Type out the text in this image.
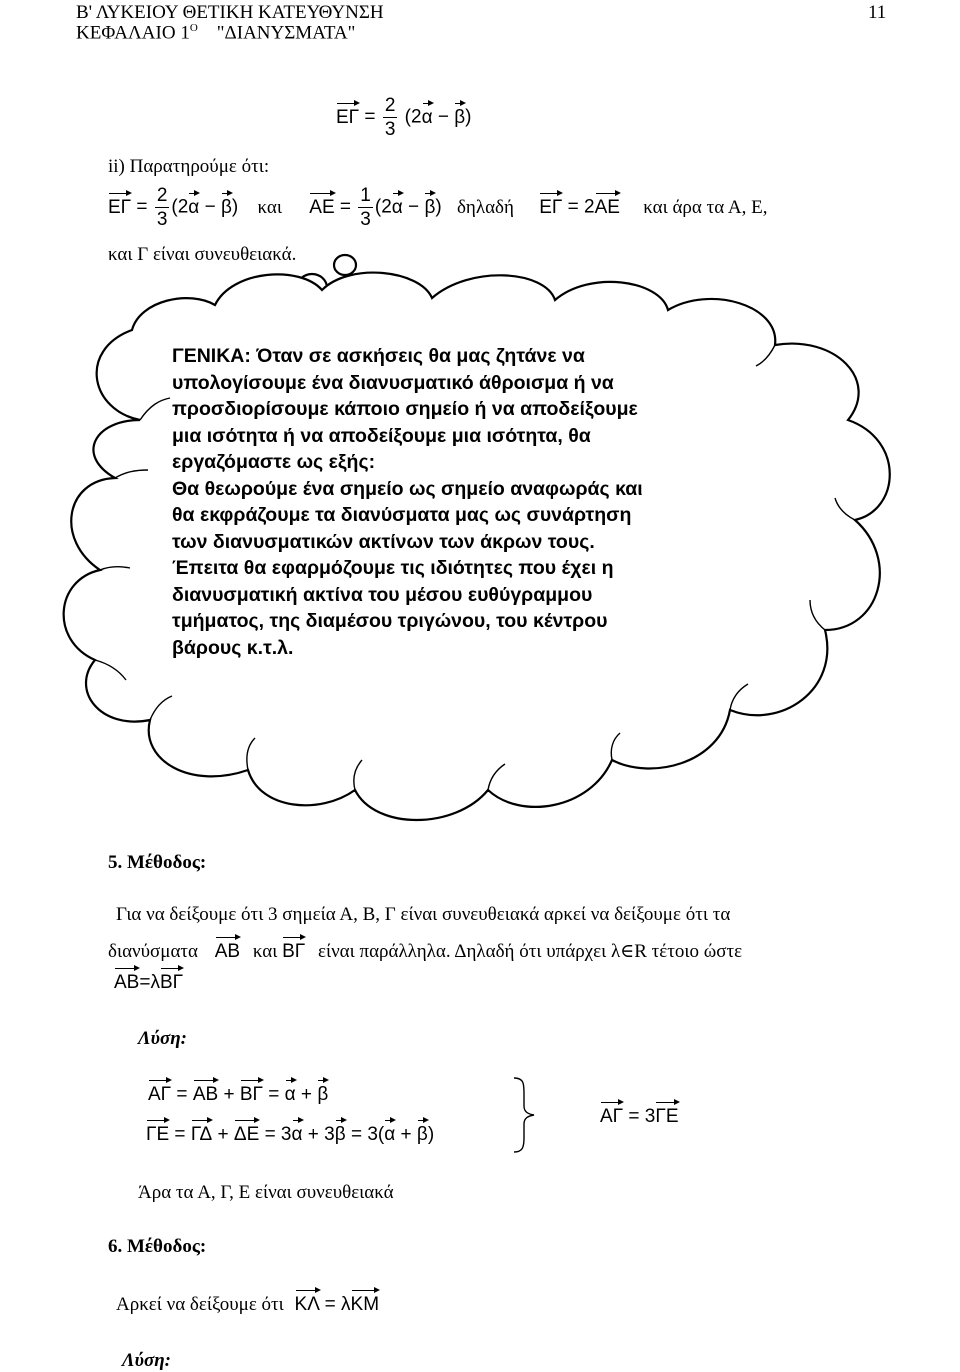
Β' ΛΥΚΕΙΟΥ ΘΕΤΙΚΗ ΚΑΤΕΥΘΥΝΣΗ
ΚΕΦΑΛΑΙΟ $1^O$ "ΔΙΑΝΥΣΜΑΤΑ"
11
$E\Gamma = \frac{2}{3} (2\alpha - \beta)$
ii) Παρατηρούμε ότι:
$E\Gamma = \frac{2}{3} (2\alpha - \beta)$ και $AE = \frac{1}{3} (2\alpha - \beta)$ δηλαδή ΕΓ = 2ΑΕ και άρα τα Α, Ε,
και Γ είναι συνευθειακά.
ΓΕΝΙΚΑ: Όταν σε ασκήσεις θα μας ζητάνε να
υπολογίσουμε ένα διανυσματικό άθροισμα ή να
προσδιορίσουμε κάποιο σημείο ή να αποδείξουμε
μια ισότητα ή να αποδείξουμε μια ισότητα, θα
εργαζόμαστε ως εξής:
Θα θεωρούμε ένα σημείο ως σημείο αναφωράς και
θα εκφράζουμε τα διανύσματα μας ως συνάρτηση
των διανυσματικών ακτίνων των άκρων τους.
Έπειτα θα εφαρμόζουμε τις ιδιότητες που έχει η
διανυσματική ακτίνα του μέσου ευθύγραμμου
τμήματος, της διαμέσου τριγώνου, του κέντρου
βάρους κ.τ.λ.
5. Μέθοδος:
Για να δείξουμε ότι 3 σημεία Α, Β, Γ είναι συνευθειακά αρκεί να δείξουμε ότι τα
διανύσματα ΑΒ και ΒΓ είναι παράλληλα. Δηλαδή ότι υπάρχει λ∈R τέτοιο ώστε
ΑΒ=λΒΓ
Λύση:
ΑΓ = ΑΒ + ΒΓ = α + β
ΓΕ = ΓΔ + ΔΕ = 3α + 3β = 3(α + β)
ΑΓ = 3ΓΕ
Άρα τα Α, Γ, Ε είναι συνευθειακά
6. Μέθοδος:
Αρκεί να δείξουμε ότι ΚΛ = λΚΜ
Λύση:
